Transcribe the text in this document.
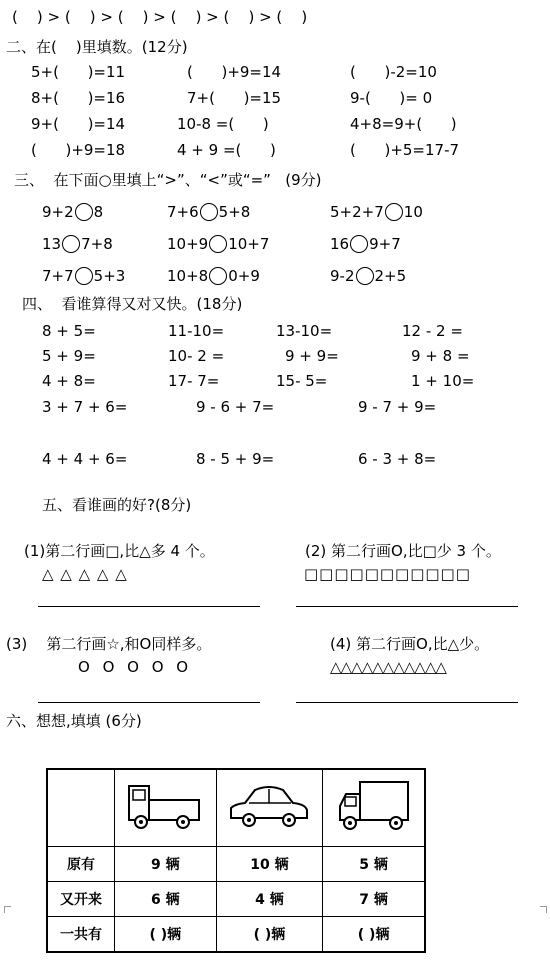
(    ) > (    ) > (    ) > (    ) > (    ) > (    )
二、在(    )里填数。(12分)
5+(      )=11	(      )+9=14	(      )-2=10
8+(      )=16	7+(      )=15	9-(      )= 0
9+(      )=14	10-8 =(      )	4+8=9+(      )
(      )+9=18	4 + 9 =(      )	(      )+5=17-7
三、  在下面○里填上“>”、“<”或“=”   (9分)
9+2 8	7+6 5+8	5+2+7 10
13 7+8	10+9 10+7	16 9+7
7+7 5+3	10+8 0+9	9-2 2+5
四、  看谁算得又对又快。(18分)
8 + 5=	11-10=	13-10=	12 - 2 =
5 + 9=	10- 2 =	9 + 9=	9 + 8 =
4 + 8=	17- 7=	15- 5=	1 + 10=
3 + 7 + 6=	9 - 6 + 7=	9 - 7 + 9=
4 + 4 + 6=	8 - 5 + 9=	6 - 3 + 8=
五、看谁画的好?(8分)
(1)第二行画□,比△多 4 个。
△ △ △ △ △
(2) 第二行画O,比□少 3 个。
□□□□□□□□□□□
(3)    第二行画☆,和O同样多。
O O O O O
(4) 第二行画O,比△少。
△△△△△△△△△△△
六、想想,填填 (6分)

原有	9 辆	10 辆	5 辆
又开来	6 辆	4 辆	7 辆
一共有	( )辆	( )辆	( )辆
